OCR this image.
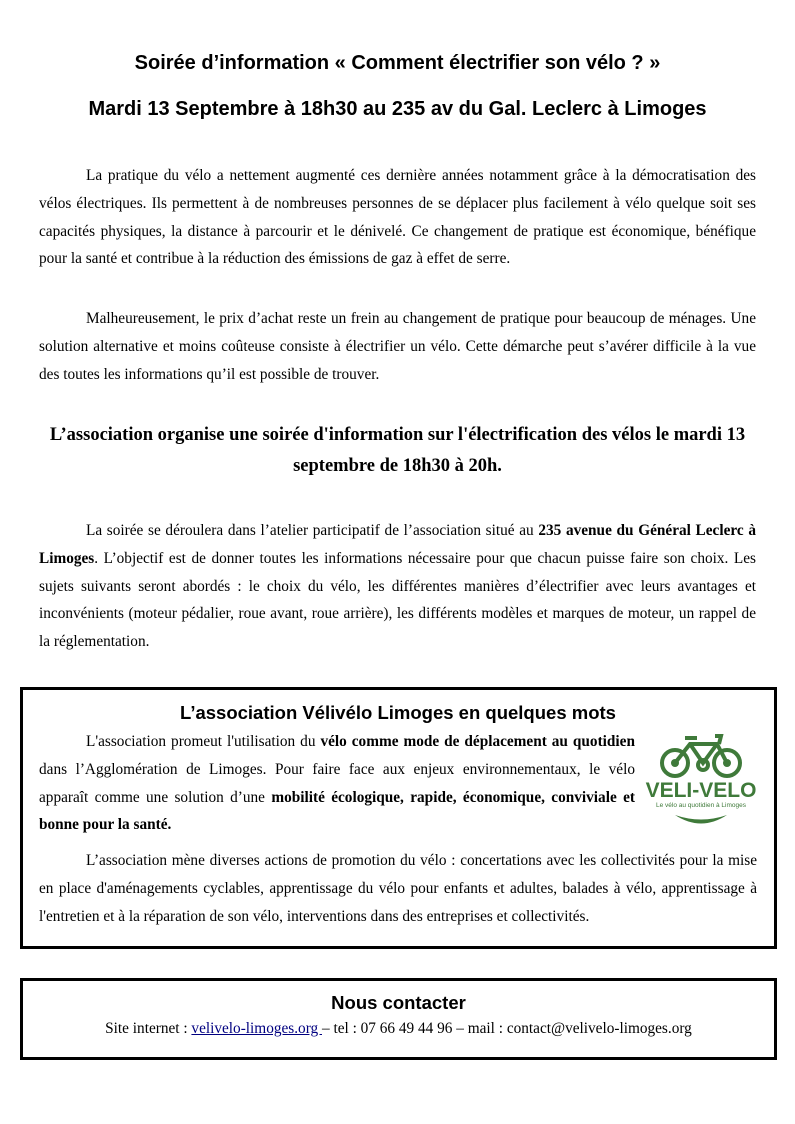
Soirée d’information « Comment électrifier son vélo ? »
Mardi 13 Septembre à 18h30 au 235 av du Gal. Leclerc à Limoges

La pratique du vélo a nettement augmenté ces dernière années notamment grâce à la démocratisation des vélos électriques. Ils permettent à de nombreuses personnes de se déplacer plus facilement à vélo quelque soit ses capacités physiques, la distance à parcourir et le dénivelé. Ce changement de pratique est économique, bénéfique pour la santé et contribue à la réduction des émissions de gaz à effet de serre.

Malheureusement, le prix d’achat reste un frein au changement de pratique pour beaucoup de ménages. Une solution alternative et moins coûteuse consiste à électrifier un vélo. Cette démarche peut s’avérer difficile à la vue des toutes les informations qu’il est possible de trouver.

L’association organise une soirée d'information sur l'électrification des vélos le mardi 13 septembre de 18h30 à 20h.

La soirée se déroulera dans l’atelier participatif de l’association situé au 235 avenue du Général Leclerc à Limoges. L’objectif est de donner toutes les informations nécessaire pour que chacun puisse faire son choix. Les sujets suivants seront abordés : le choix du vélo, les différentes manières d’électrifier avec leurs avantages et inconvénients (moteur pédalier, roue avant, roue arrière), les différents modèles et marques de moteur, un rappel de la réglementation.

L’association Vélivélo Limoges en quelques mots
VELI-VELO
Le vélo au quotidien à Limoges

L'association promeut l'utilisation du vélo comme mode de déplacement au quotidien dans l’Agglomération de Limoges. Pour faire face aux enjeux environnementaux, le vélo apparaît comme une solution d’une mobilité écologique, rapide, économique, conviviale et bonne pour la santé.

L’association mène diverses actions de promotion du vélo : concertations avec les collectivités pour la mise en place d'aménagements cyclables, apprentissage du vélo pour enfants et adultes, balades à vélo, apprentissage à l'entretien et à la réparation de son vélo, interventions dans des entreprises et collectivités.

Nous contacter
Site internet : velivelo-limoges.org – tel : 07 66 49 44 96 – mail : contact@velivelo-limoges.org
